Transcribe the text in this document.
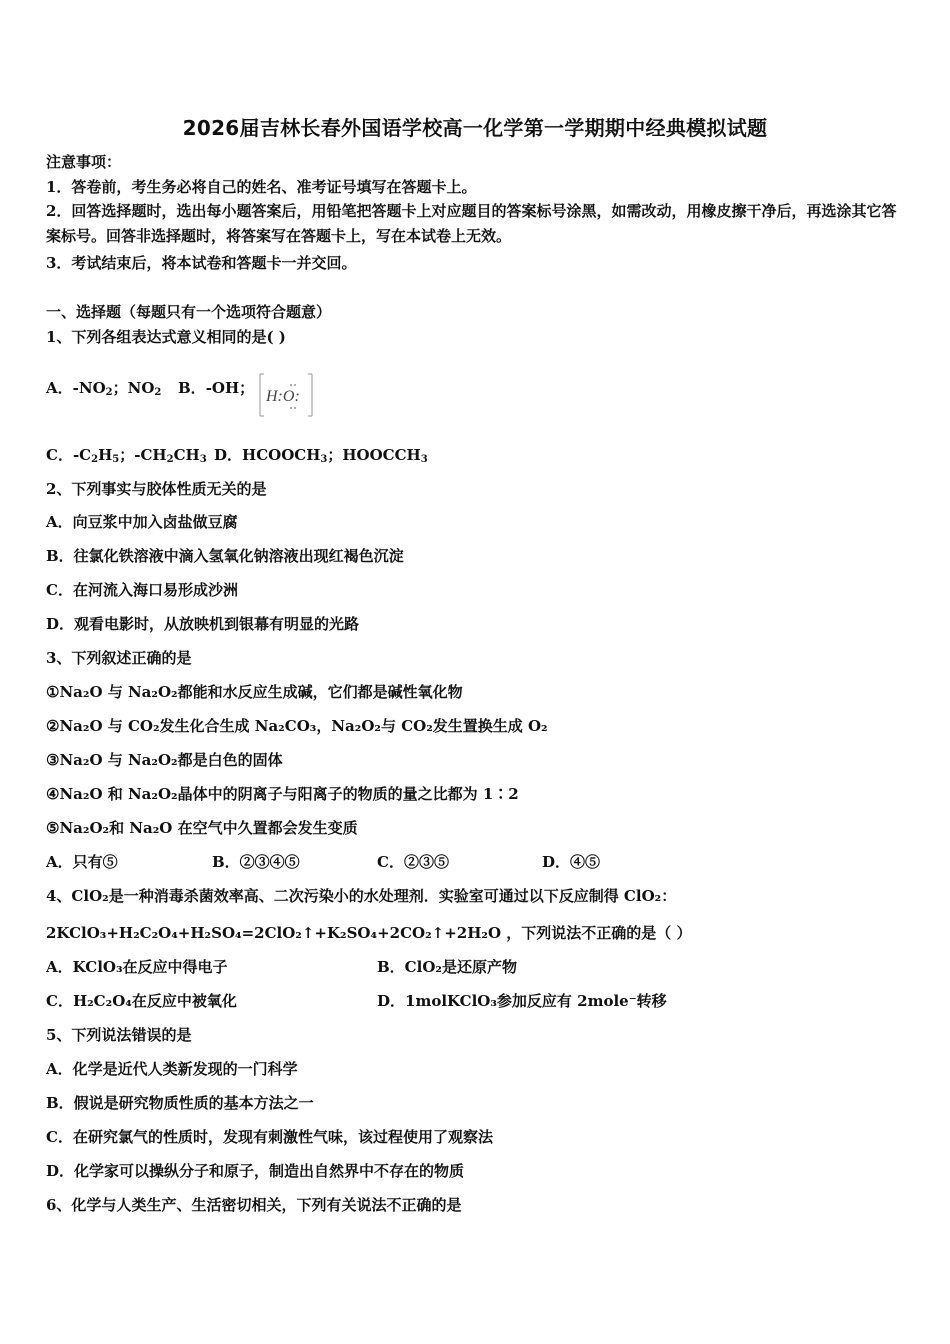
2026届吉林长春外国语学校高一化学第一学期期中经典模拟试题
注意事项：
1．答卷前，考生务必将自己的姓名、准考证号填写在答题卡上。
2．回答选择题时，选出每小题答案后，用铅笔把答题卡上对应题目的答案标号涂黑，如需改动，用橡皮擦干净后，再选涂其它答案标号。回答非选择题时，将答案写在答题卡上，写在本试卷上无效。
3．考试结束后，将本试卷和答题卡一并交回。
一、选择题（每题只有一个选项符合题意）
1、下列各组表达式意义相同的是( )
A．$-NO_2$；$NO_2$ B．-OH； H:O:
C．$-C_2H_5$；$-CH_2CH_3$ D．$HCOOCH_3$；$HOOCCH_3$
2、下列事实与胶体性质无关的是
A．向豆浆中加入卤盐做豆腐
B．往氯化铁溶液中滴入氢氧化钠溶液出现红褐色沉淀
C．在河流入海口易形成沙洲
D．观看电影时，从放映机到银幕有明显的光路
3、下列叙述正确的是
①Na₂O 与 Na₂O₂都能和水反应生成碱，它们都是碱性氧化物
②Na₂O 与 CO₂发生化合生成 Na₂CO₃，Na₂O₂与 CO₂发生置换生成 O₂
③Na₂O 与 Na₂O₂都是白色的固体
④Na₂O 和 Na₂O₂晶体中的阴离子与阳离子的物质的量之比都为 1∶2
⑤Na₂O₂和 Na₂O 在空气中久置都会发生变质
A．只有⑤	B．②③④⑤	C．②③⑤	D．④⑤
4、ClO₂是一种消毒杀菌效率高、二次污染小的水处理剂．实验室可通过以下反应制得 ClO₂：
2KClO₃+H₂C₂O₄+H₂SO₄=2ClO₂↑+K₂SO₄+2CO₂↑+2H₂O ，下列说法不正确的是（ ）
A．KClO₃在反应中得电子	B．ClO₂是还原产物
C．H₂C₂O₄在反应中被氧化	D．1molKClO₃参加反应有 2mole⁻转移
5、下列说法错误的是
A．化学是近代人类新发现的一门科学
B．假说是研究物质性质的基本方法之一
C．在研究氯气的性质时，发现有刺激性气味，该过程使用了观察法
D．化学家可以操纵分子和原子，制造出自然界中不存在的物质
6、化学与人类生产、生活密切相关，下列有关说法不正确的是
